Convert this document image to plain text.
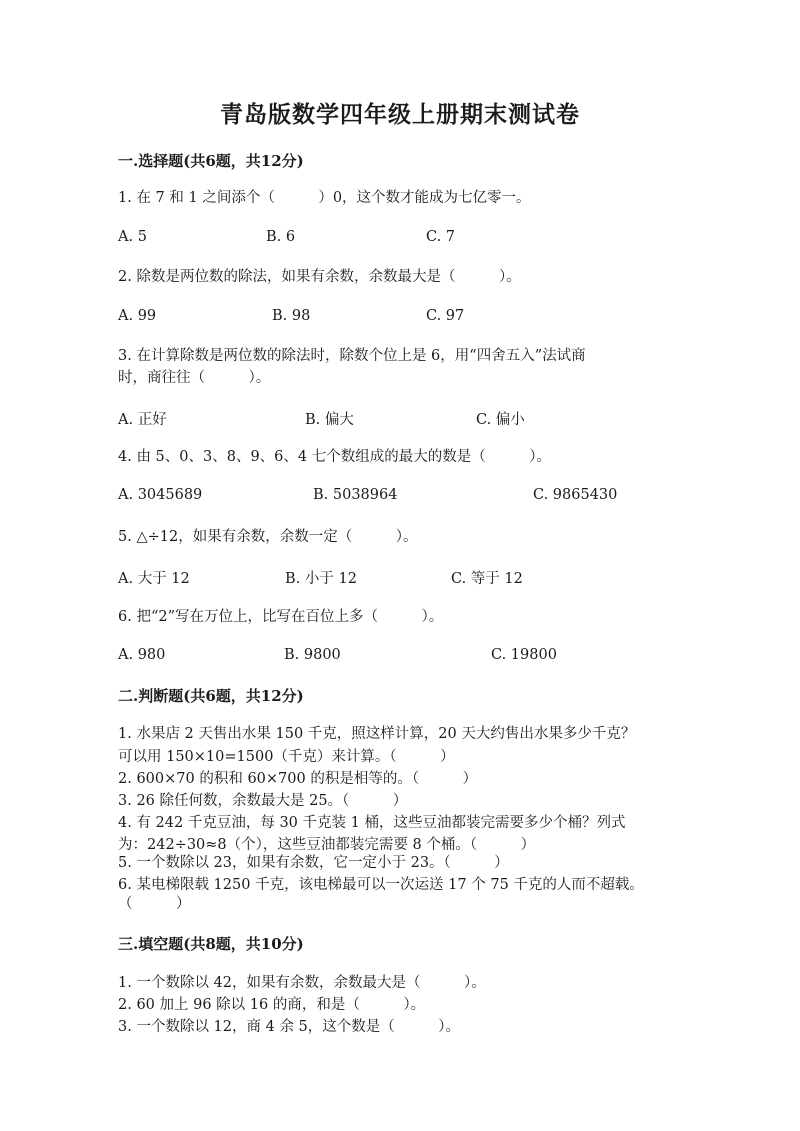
青岛版数学四年级上册期末测试卷
一.选择题(共6题，共12分)
1. 在 7 和 1 之间添个（　　　）0，这个数才能成为七亿零一。
A. 5	B. 6	C. 7
2. 除数是两位数的除法，如果有余数，余数最大是（　　　）。
A. 99	B. 98	C. 97
3. 在计算除数是两位数的除法时，除数个位上是 6，用“四舍五入”法试商
时，商往往（　　　）。
A. 正好	B. 偏大	C. 偏小
4. 由 5、0、3、8、9、6、4 七个数组成的最大的数是（　　　）。
A. 3045689	B. 5038964	C. 9865430
5. △÷12，如果有余数，余数一定（　　　）。
A. 大于 12	B. 小于 12	C. 等于 12
6. 把“2”写在万位上，比写在百位上多（　　　）。
A. 980	B. 9800	C. 19800
二.判断题(共6题，共12分)
1. 水果店 2 天售出水果 150 千克，照这样计算，20 天大约售出水果多少千克？
可以用 150×10=1500（千克）来计算。（　　　）
2. 600×70 的积和 60×700 的积是相等的。（　　　）
3. 26 除任何数，余数最大是 25。（　　　）
4. 有 242 千克豆油，每 30 千克装 1 桶，这些豆油都装完需要多少个桶？列式
为：242÷30≈8（个），这些豆油都装完需要 8 个桶。（　　　）
5. 一个数除以 23，如果有余数，它一定小于 23。（　　　）
6. 某电梯限载 1250 千克，该电梯最可以一次运送 17 个 75 千克的人而不超载。
（　　　）
三.填空题(共8题，共10分)
1. 一个数除以 42，如果有余数，余数最大是（　　　）。
2. 60 加上 96 除以 16 的商，和是（　　　）。
3. 一个数除以 12，商 4 余 5，这个数是（　　　）。
